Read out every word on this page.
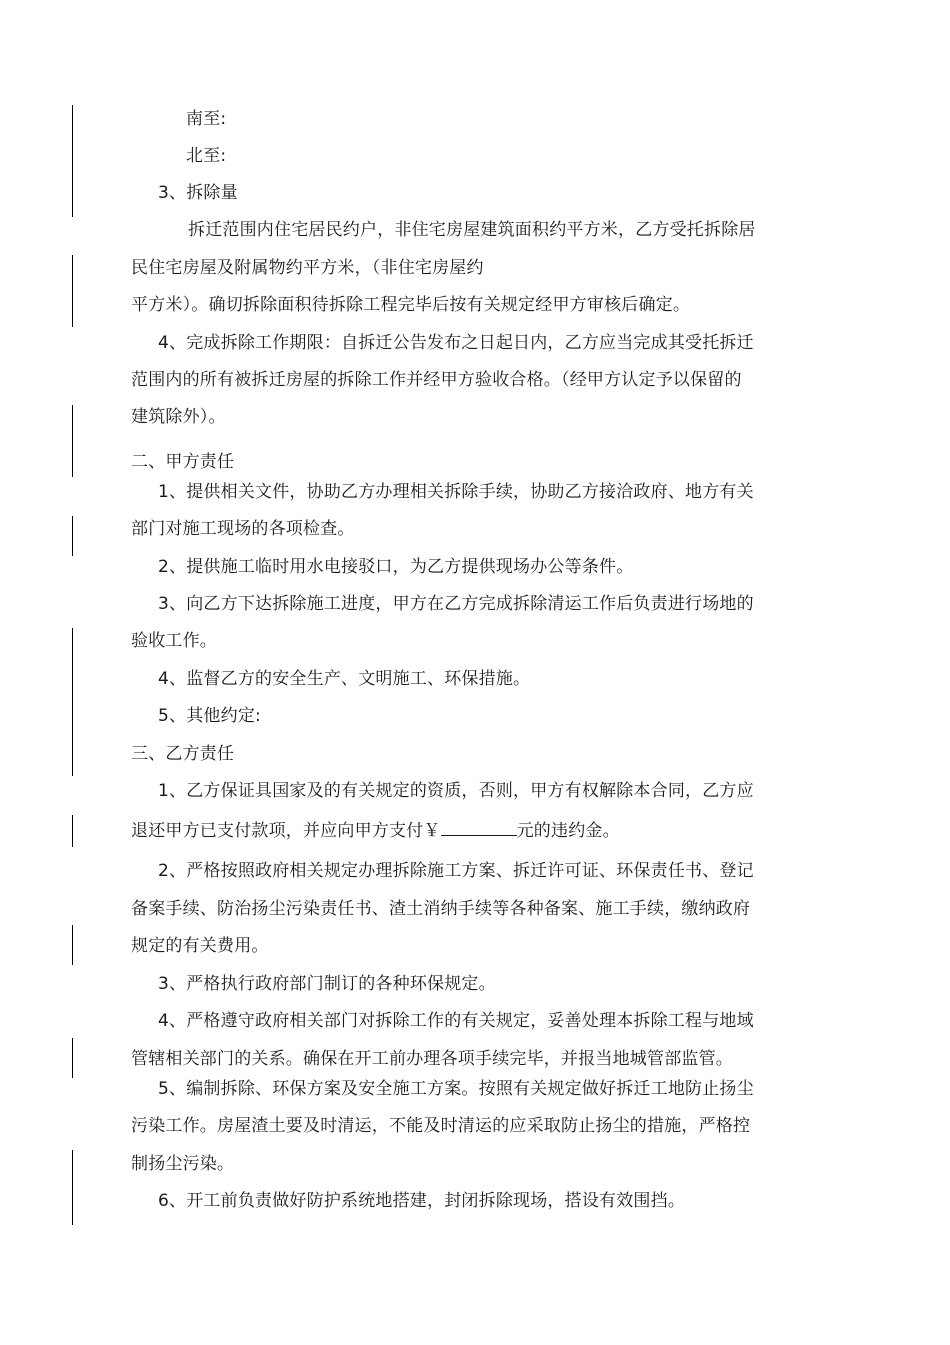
南至:
北至:
3、拆除量
拆迁范围内住宅居民约户，非住宅房屋建筑面积约平方米，乙方受托拆除居
民住宅房屋及附属物约平方米，（非住宅房屋约
平方米）。确切拆除面积待拆除工程完毕后按有关规定经甲方审核后确定。
4、完成拆除工作期限：自拆迁公告发布之日起日内，乙方应当完成其受托拆迁
范围内的所有被拆迁房屋的拆除工作并经甲方验收合格。（经甲方认定予以保留的
建筑除外）。
二、甲方责任
1、提供相关文件，协助乙方办理相关拆除手续，协助乙方接洽政府、地方有关
部门对施工现场的各项检查。
2、提供施工临时用水电接驳口，为乙方提供现场办公等条件。
3、向乙方下达拆除施工进度，甲方在乙方完成拆除清运工作后负责进行场地的
验收工作。
4、监督乙方的安全生产、文明施工、环保措施。
5、其他约定:
三、乙方责任
1、乙方保证具国家及的有关规定的资质，否则，甲方有权解除本合同，乙方应
退还甲方已支付款项，并应向甲方支付￥	元的违约金。
2、严格按照政府相关规定办理拆除施工方案、拆迁许可证、环保责任书、登记
备案手续、防治扬尘污染责任书、渣土消纳手续等各种备案、施工手续，缴纳政府
规定的有关费用。
3、严格执行政府部门制订的各种环保规定。
4、严格遵守政府相关部门对拆除工作的有关规定，妥善处理本拆除工程与地域
管辖相关部门的关系。确保在开工前办理各项手续完毕，并报当地城管部监管。
5、编制拆除、环保方案及安全施工方案。按照有关规定做好拆迁工地防止扬尘
污染工作。房屋渣土要及时清运，不能及时清运的应采取防止扬尘的措施，严格控
制扬尘污染。
6、开工前负责做好防护系统地搭建，封闭拆除现场，搭设有效围挡。
